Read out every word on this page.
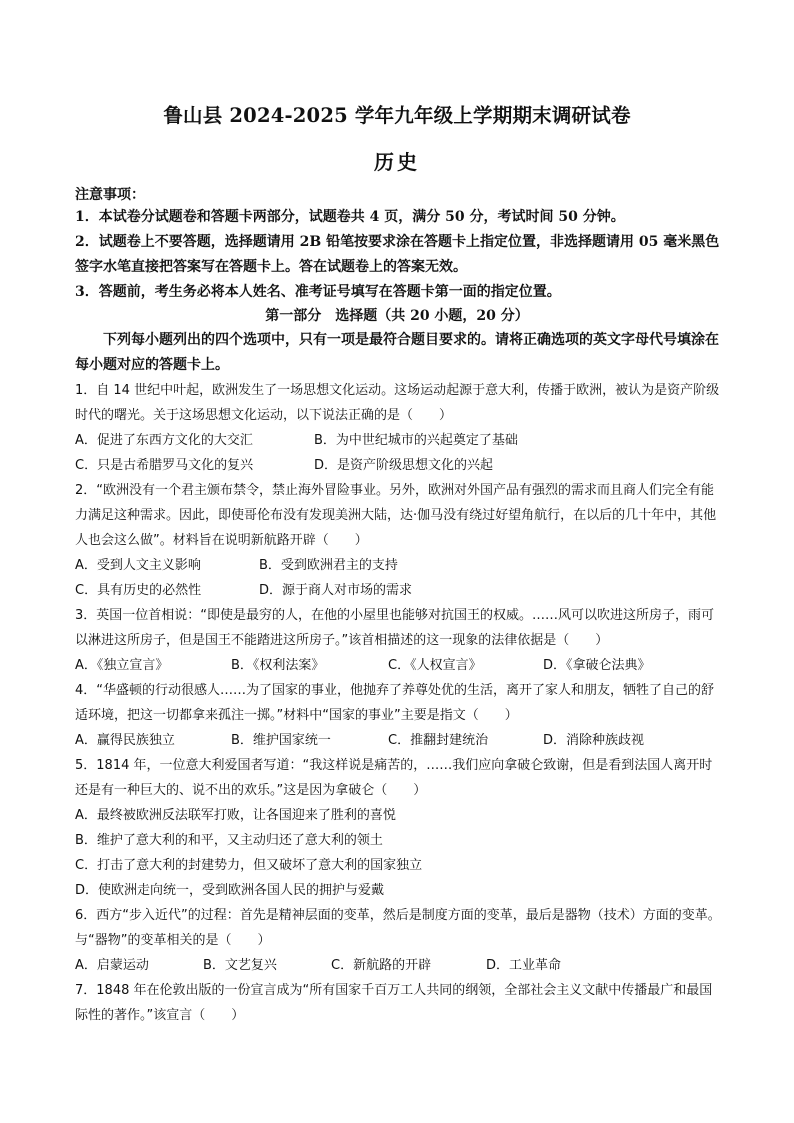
鲁山县 2024-2025 学年九年级上学期期末调研试卷
历史
注意事项：
1．本试卷分试题卷和答题卡两部分，试题卷共 4 页，满分 50 分，考试时间 50 分钟。
2．试题卷上不要答题，选择题请用 2B 铅笔按要求涂在答题卡上指定位置，非选择题请用 05 毫米黑色签字水笔直接把答案写在答题卡上。答在试题卷上的答案无效。
3．答题前，考生务必将本人姓名、准考证号填写在答题卡第一面的指定位置。
第一部分　选择题（共 20 小题，20 分）
下列每小题列出的四个选项中，只有一项是最符合题目要求的。请将正确选项的英文字母代号填涂在每小题对应的答题卡上。
1．自 14 世纪中叶起，欧洲发生了一场思想文化运动。这场运动起源于意大利，传播于欧洲，被认为是资产阶级时代的曙光。关于这场思想文化运动，以下说法正确的是（　　）
A．促进了东西方文化的大交汇	B．为中世纪城市的兴起奠定了基础
C．只是古希腊罗马文化的复兴	D．是资产阶级思想文化的兴起
2．“欧洲没有一个君主颁布禁令，禁止海外冒险事业。另外，欧洲对外国产品有强烈的需求而且商人们完全有能力满足这种需求。因此，即使哥伦布没有发现美洲大陆，达·伽马没有绕过好望角航行，在以后的几十年中，其他人也会这么做”。材料旨在说明新航路开辟（　　）
A．受到人文主义影响	B．受到欧洲君主的支持
C．具有历史的必然性	D．源于商人对市场的需求
3．英国一位首相说：“即使是最穷的人，在他的小屋里也能够对抗国王的权威。……风可以吹进这所房子，雨可以淋进这所房子，但是国王不能踏进这所房子。”该首相描述的这一现象的法律依据是（　　）
A．《独立宣言》	B．《权利法案》	C．《人权宣言》	D．《拿破仑法典》
4．“华盛顿的行动很感人……为了国家的事业，他抛弃了养尊处优的生活，离开了家人和朋友，牺牲了自己的舒适环境，把这一切都拿来孤注一掷。”材料中“国家的事业”主要是指文（　　）
A．赢得民族独立	B．维护国家统一	C．推翻封建统治	D．消除种族歧视
5．1814 年，一位意大利爱国者写道：“我这样说是痛苦的，……我们应向拿破仑致谢，但是看到法国人离开时还是有一种巨大的、说不出的欢乐。”这是因为拿破仑（　　）
A．最终被欧洲反法联军打败，让各国迎来了胜利的喜悦
B．维护了意大利的和平，又主动归还了意大利的领土
C．打击了意大利的封建势力，但又破坏了意大利的国家独立
D．使欧洲走向统一，受到欧洲各国人民的拥护与爱戴
6．西方“步入近代”的过程：首先是精神层面的变革，然后是制度方面的变革，最后是器物（技术）方面的变革。与“器物”的变革相关的是（　　）
A．启蒙运动	B．文艺复兴	C．新航路的开辟	D．工业革命
7．1848 年在伦敦出版的一份宣言成为“所有国家千百万工人共同的纲领，全部社会主义文献中传播最广和最国际性的著作。”该宣言（　　）
